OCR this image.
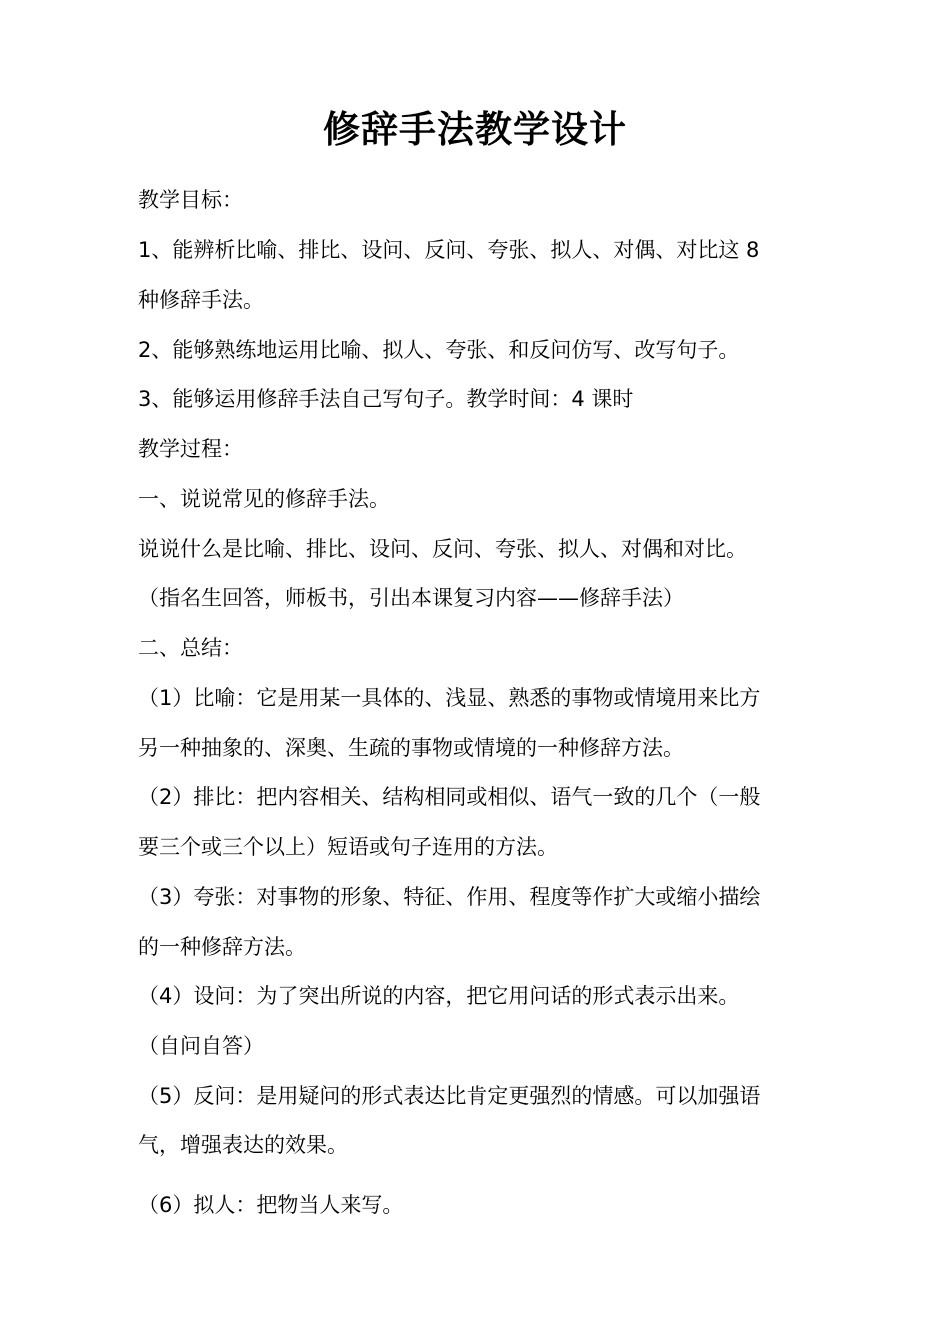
修辞手法教学设计
教学目标：
1、能辨析比喻、排比、设问、反问、夸张、拟人、对偶、对比这 8
种修辞手法。
2、能够熟练地运用比喻、拟人、夸张、和反问仿写、改写句子。
3、能够运用修辞手法自己写句子。教学时间：4 课时
教学过程：
一、说说常见的修辞手法。
说说什么是比喻、排比、设问、反问、夸张、拟人、对偶和对比。
（指名生回答，师板书，引出本课复习内容——修辞手法）
二、总结：
（1）比喻：它是用某一具体的、浅显、熟悉的事物或情境用来比方
另一种抽象的、深奥、生疏的事物或情境的一种修辞方法。
（2）排比：把内容相关、结构相同或相似、语气一致的几个（一般
要三个或三个以上）短语或句子连用的方法。
（3）夸张：对事物的形象、特征、作用、程度等作扩大或缩小描绘
的一种修辞方法。
（4）设问：为了突出所说的内容，把它用问话的形式表示出来。
（自问自答）
（5）反问：是用疑问的形式表达比肯定更强烈的情感。可以加强语
气，增强表达的效果。
（6）拟人：把物当人来写。
